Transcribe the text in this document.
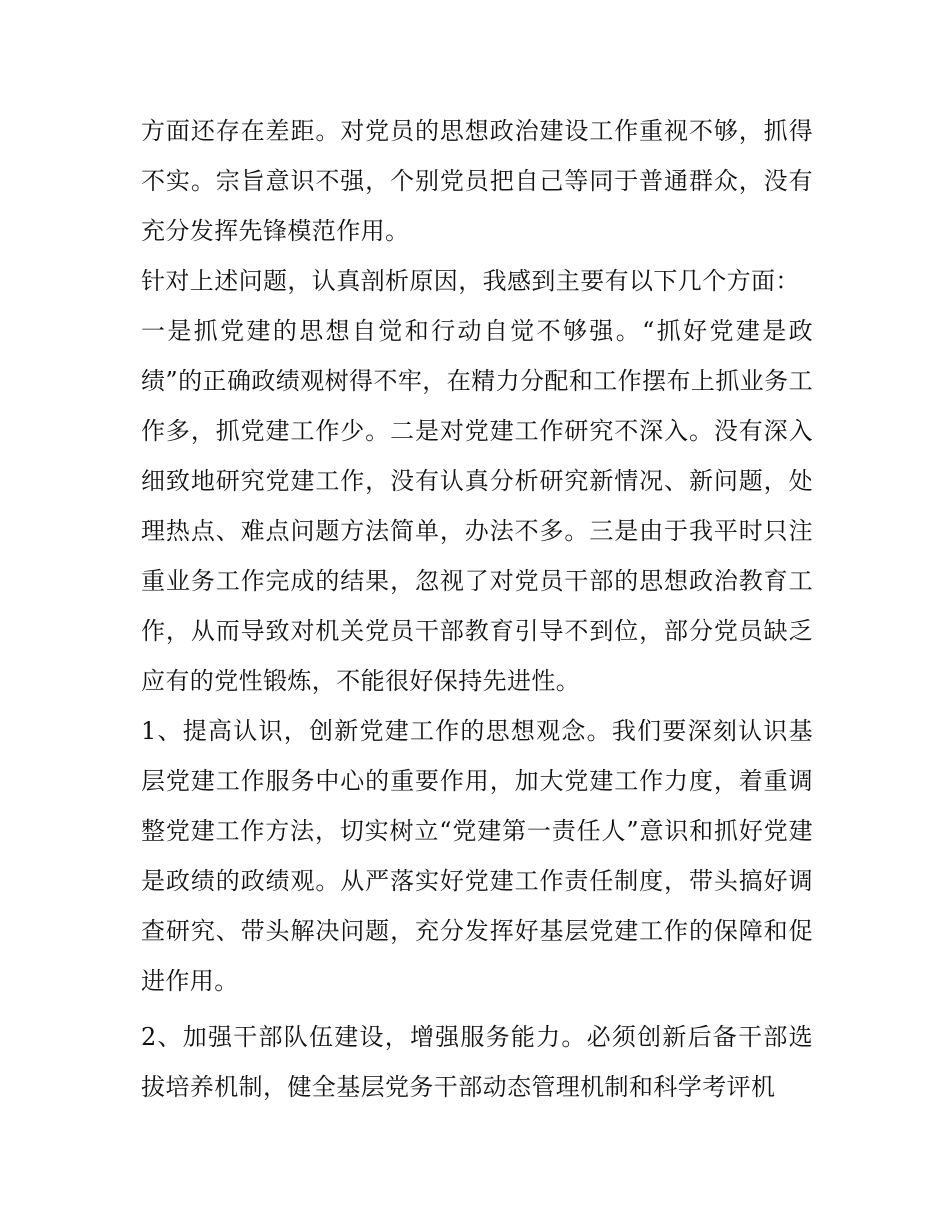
方面还存在差距。对党员的思想政治建设工作重视不够，抓得不实。宗旨意识不强，个别党员把自己等同于普通群众，没有充分发挥先锋模范作用。

针对上述问题，认真剖析原因，我感到主要有以下几个方面：

一是抓党建的思想自觉和行动自觉不够强。“抓好党建是政绩”的正确政绩观树得不牢，在精力分配和工作摆布上抓业务工作多，抓党建工作少。二是对党建工作研究不深入。没有深入细致地研究党建工作，没有认真分析研究新情况、新问题，处理热点、难点问题方法简单，办法不多。三是由于我平时只注重业务工作完成的结果，忽视了对党员干部的思想政治教育工作，从而导致对机关党员干部教育引导不到位，部分党员缺乏应有的党性锻炼，不能很好保持先进性。

1、提高认识，创新党建工作的思想观念。我们要深刻认识基层党建工作服务中心的重要作用，加大党建工作力度，着重调整党建工作方法，切实树立“党建第一责任人”意识和抓好党建是政绩的政绩观。从严落实好党建工作责任制度，带头搞好调查研究、带头解决问题，充分发挥好基层党建工作的保障和促进作用。

2、加强干部队伍建设，增强服务能力。必须创新后备干部选拔培养机制，健全基层党务干部动态管理机制和科学考评机
